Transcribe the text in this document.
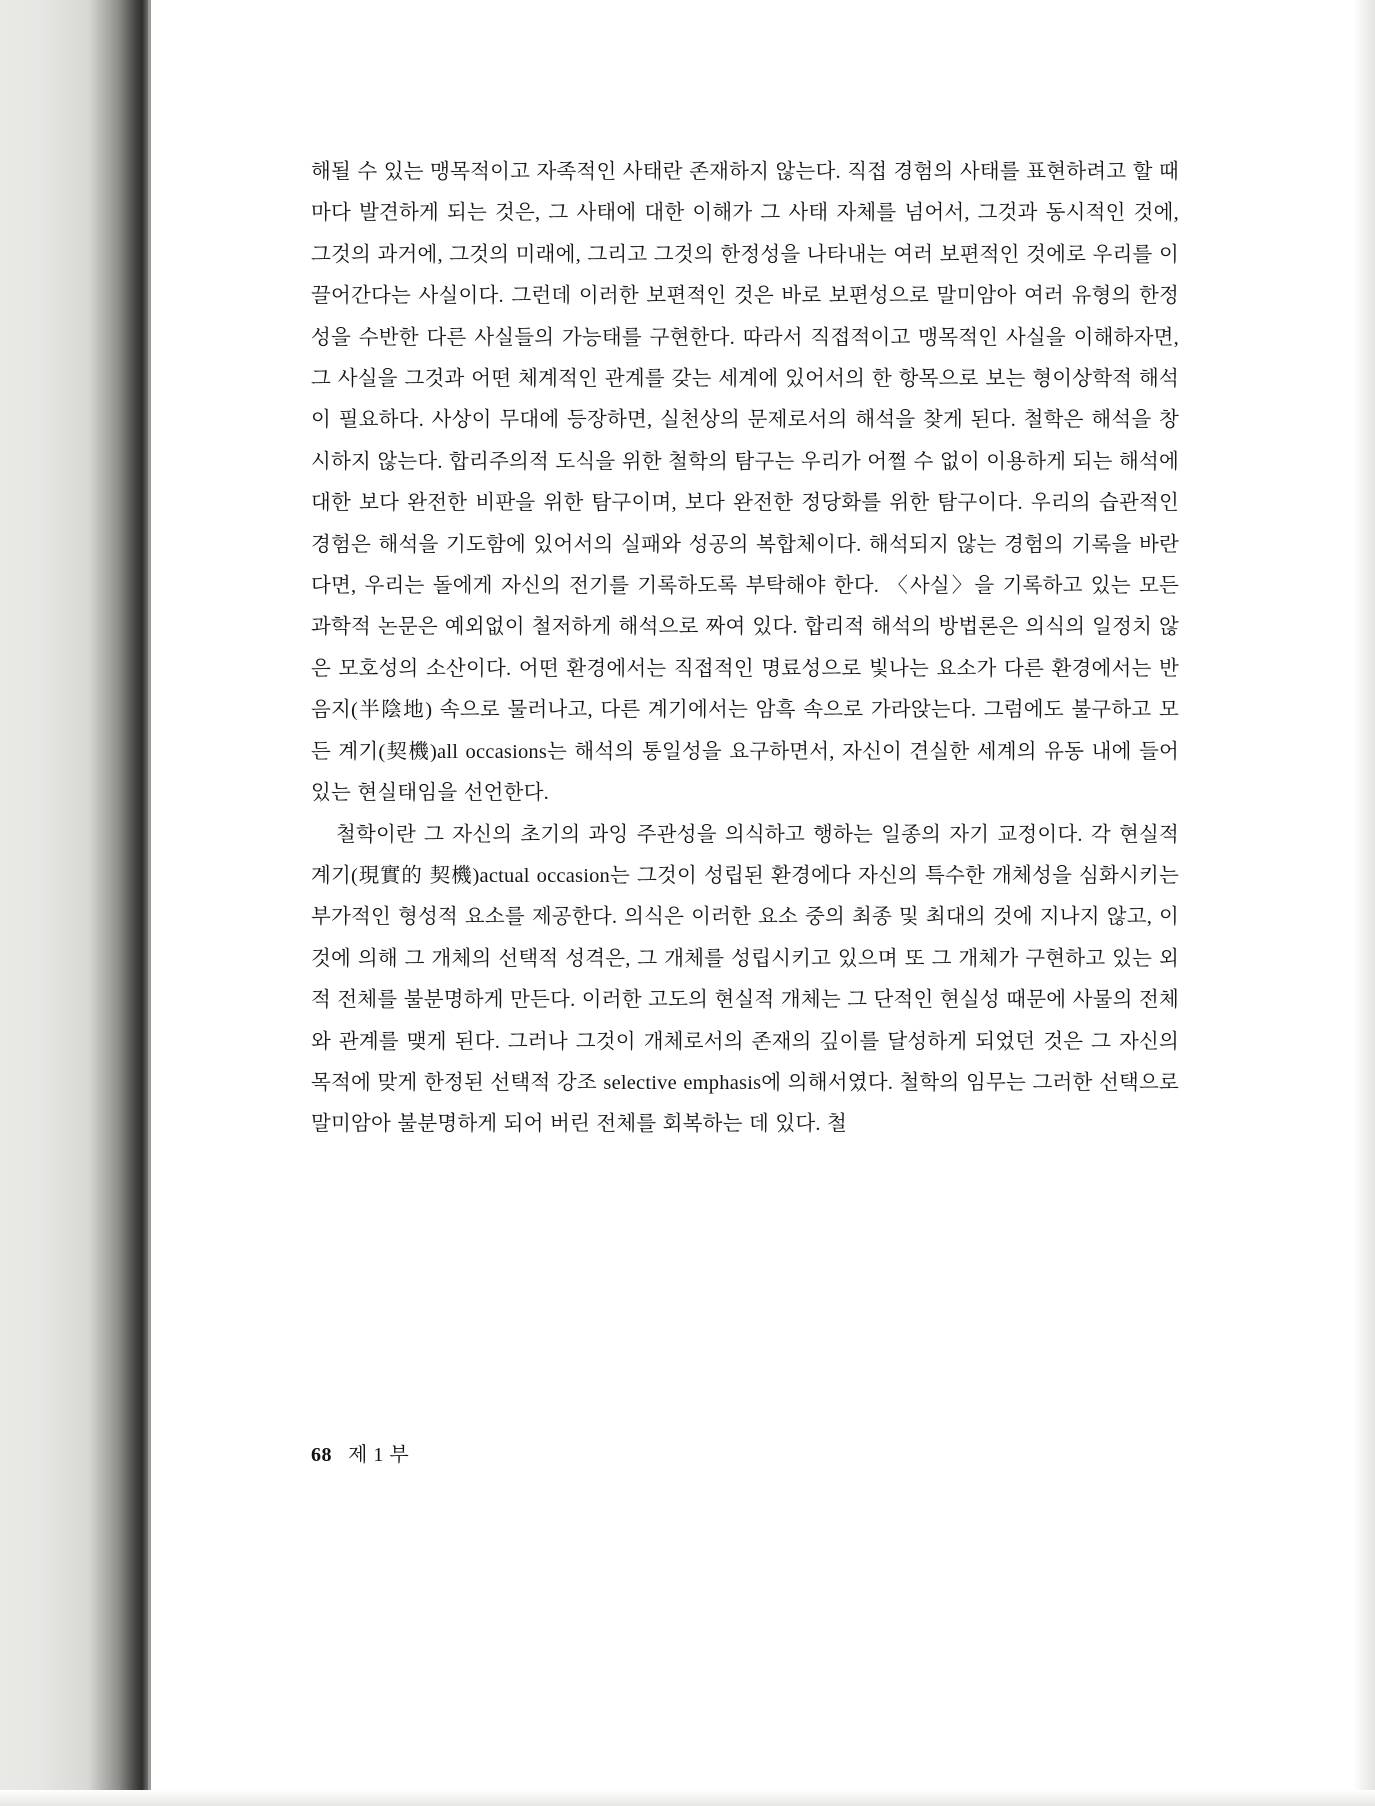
해될 수 있는 맹목적이고 자족적인 사태란 존재하지 않는다. 직접 경험의 사태를 표현하려고 할 때마다 발견하게 되는 것은, 그 사태에 대한 이해가 그 사태 자체를 넘어서, 그것과 동시적인 것에, 그것의 과거에, 그것의 미래에, 그리고 그것의 한정성을 나타내는 여러 보편적인 것에로 우리를 이끌어간다는 사실이다. 그런데 이러한 보편적인 것은 바로 보편성으로 말미암아 여러 유형의 한정성을 수반한 다른 사실들의 가능태를 구현한다. 따라서 직접적이고 맹목적인 사실을 이해하자면, 그 사실을 그것과 어떤 체계적인 관계를 갖는 세계에 있어서의 한 항목으로 보는 형이상학적 해석이 필요하다. 사상이 무대에 등장하면, 실천상의 문제로서의 해석을 찾게 된다. 철학은 해석을 창시하지 않는다. 합리주의적 도식을 위한 철학의 탐구는 우리가 어쩔 수 없이 이용하게 되는 해석에 대한 보다 완전한 비판을 위한 탐구이며, 보다 완전한 정당화를 위한 탐구이다. 우리의 습관적인 경험은 해석을 기도함에 있어서의 실패와 성공의 복합체이다. 해석되지 않는 경험의 기록을 바란다면, 우리는 돌에게 자신의 전기를 기록하도록 부탁해야 한다. 〈사실〉을 기록하고 있는 모든 과학적 논문은 예외없이 철저하게 해석으로 짜여 있다. 합리적 해석의 방법론은 의식의 일정치 않은 모호성의 소산이다. 어떤 환경에서는 직접적인 명료성으로 빛나는 요소가 다른 환경에서는 반음지(半陰地) 속으로 물러나고, 다른 계기에서는 암흑 속으로 가라앉는다. 그럼에도 불구하고 모든 계기(契機)all occasions는 해석의 통일성을 요구하면서, 자신이 견실한 세계의 유동 내에 들어 있는 현실태임을 선언한다.

철학이란 그 자신의 초기의 과잉 주관성을 의식하고 행하는 일종의 자기 교정이다. 각 현실적 계기(現實的 契機)actual occasion는 그것이 성립된 환경에다 자신의 특수한 개체성을 심화시키는 부가적인 형성적 요소를 제공한다. 의식은 이러한 요소 중의 최종 및 최대의 것에 지나지 않고, 이것에 의해 그 개체의 선택적 성격은, 그 개체를 성립시키고 있으며 또 그 개체가 구현하고 있는 외적 전체를 불분명하게 만든다. 이러한 고도의 현실적 개체는 그 단적인 현실성 때문에 사물의 전체와 관계를 맺게 된다. 그러나 그것이 개체로서의 존재의 깊이를 달성하게 되었던 것은 그 자신의 목적에 맞게 한정된 선택적 강조 selective emphasis에 의해서였다. 철학의 임무는 그러한 선택으로 말미암아 불분명하게 되어 버린 전체를 회복하는 데 있다. 철

68 제 1 부
